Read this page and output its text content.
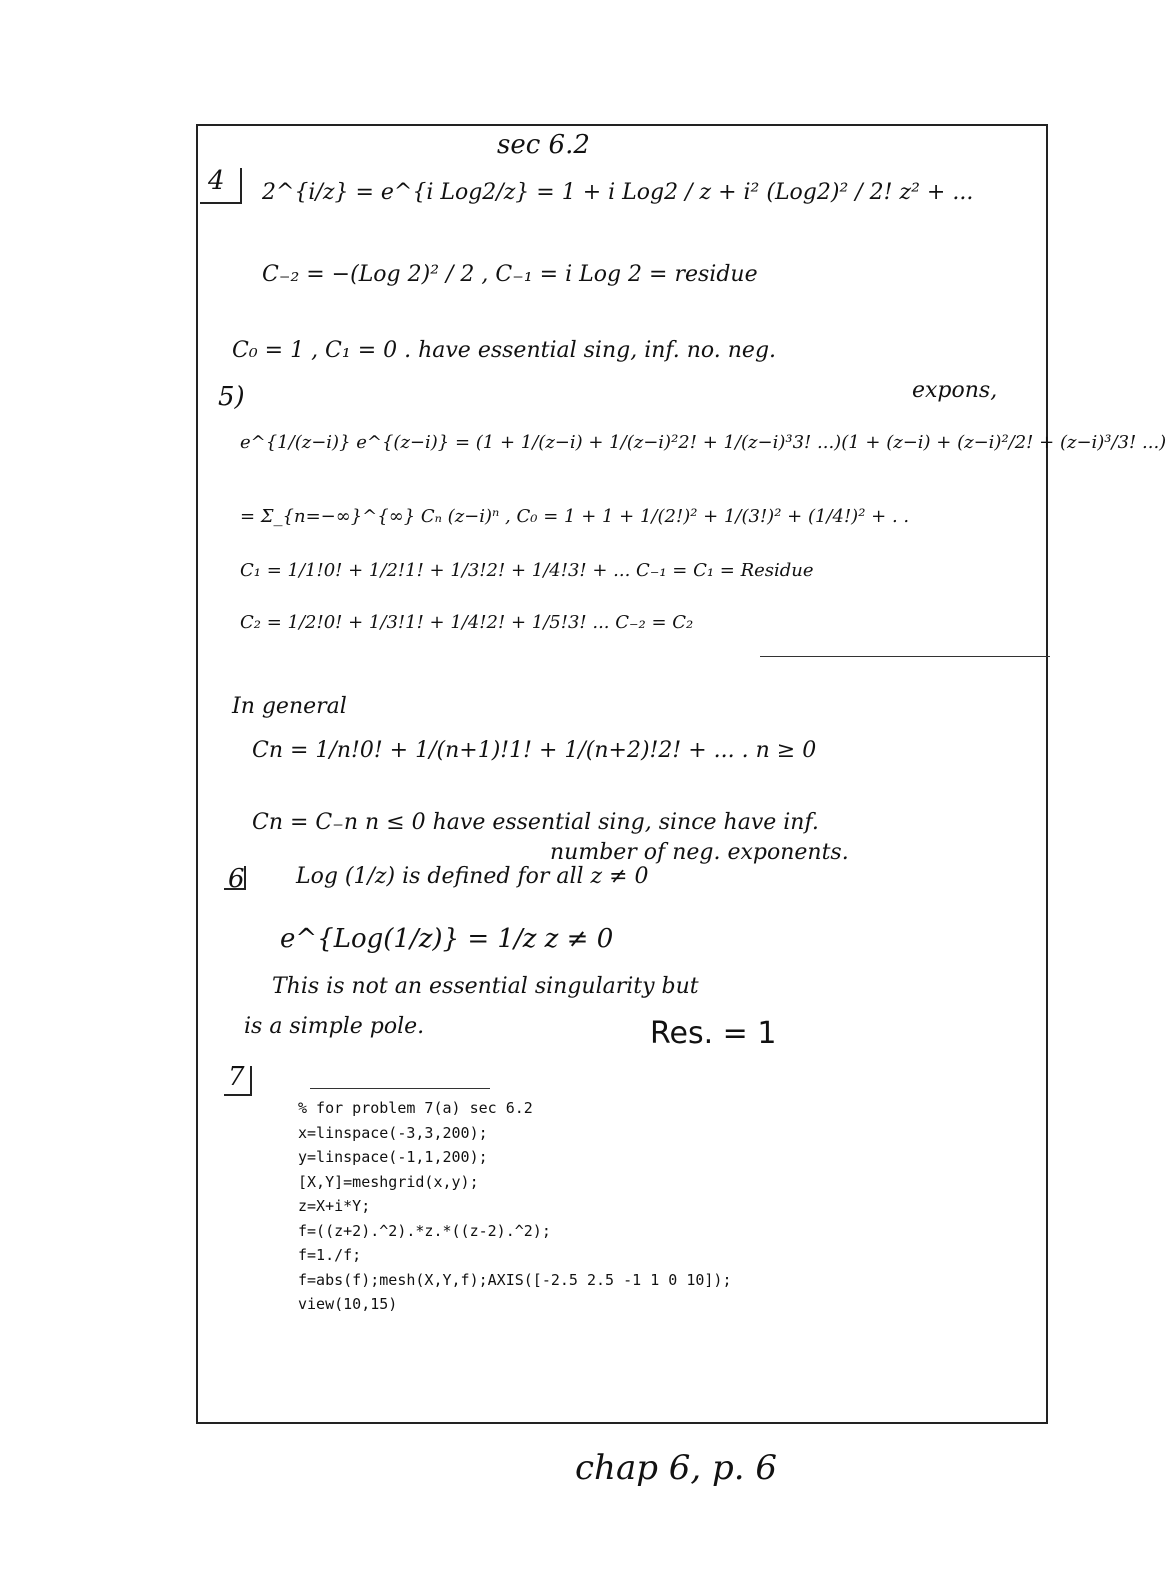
sec 6.2
4 2^{i/z} = e^{i Log2/z} = 1 + i Log2 / z + i² (Log2)² / 2! z² + ...
C₋₂ = −(Log 2)² / 2 , C₋₁ = i Log 2 = residue
C₀ = 1 , C₁ = 0 . have essential sing, inf. no. neg.
expons,
5)
e^{1/(z−i)} e^{(z−i)} = (1 + 1/(z−i) + 1/(z−i)²2! + 1/(z−i)³3! ...)(1 + (z−i) + (z−i)²/2! + (z−i)³/3! ...)
= Σ_{n=−∞}^{∞} Cₙ (z−i)ⁿ , C₀ = 1 + 1 + 1/(2!)² + 1/(3!)² + (1/4!)² + . .
C₁ = 1/1!0! + 1/2!1! + 1/3!2! + 1/4!3! + ... C₋₁ = C₁ = Residue
C₂ = 1/2!0! + 1/3!1! + 1/4!2! + 1/5!3! ... C₋₂ = C₂
In general
Cn = 1/n!0! + 1/(n+1)!1! + 1/(n+2)!2! + ... . n ≥ 0
Cn = C₋n n ≤ 0 have essential sing, since have inf.
number of neg. exponents.
6 Log (1/z) is defined for all z ≠ 0
e^{Log(1/z)} = 1/z z ≠ 0
This is not an essential singularity but
is a simple pole.	Res. = 1
7
% for problem 7(a) sec 6.2
x=linspace(-3,3,200);
y=linspace(-1,1,200);
[X,Y]=meshgrid(x,y);
z=X+i*Y;
f=((z+2).^2).*z.*((z-2).^2);
f=1./f;
f=abs(f);mesh(X,Y,f);AXIS([-2.5 2.5 -1 1 0 10]);
view(10,15)
chap 6, p. 6
